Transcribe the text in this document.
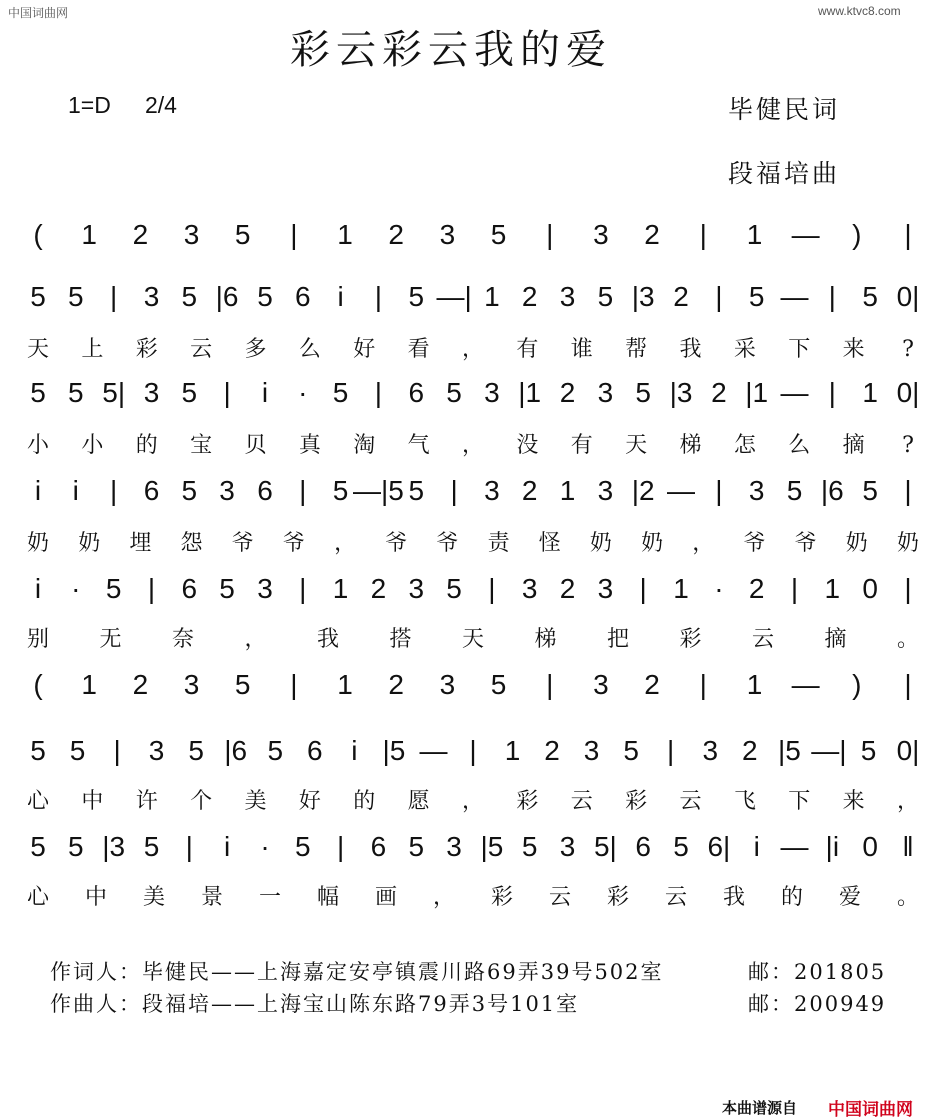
中国词曲网	www.ktvc8.com
彩云彩云我的爱
1=D 2/4	毕健民词
段福培曲
( 1 2 3 5 | 1 2 3 5 | 3 2 | 1 — ) |
5 5 | 3 5 |6 5 6 i | 5 —| 1 2 3 5 |3 2 | 5 — | 5 0|
天 上 彩 云 多 么 好 看 ， 有 谁 帮 我 采 下 来 ?
5 5 5| 3 5 | i · 5 | 6 5 3 |1 2 3 5 |3 2 |1 — | 1 0|
小 小 的 宝 贝 真 淘 气 ， 没 有 天 梯 怎 么 摘 ?
i i | 6 5 3 6 | 5 —|5 5 | 3 2 1 3 |2 — | 3 5 |6 5 |
奶 奶 埋 怨 爷 爷 ， 爷 爷 责 怪 奶 奶 ， 爷 爷 奶 奶
i · 5 | 6 5 3 | 1 2 3 5 | 3 2 3 | 1 · 2 | 1 0 |
别 无 奈 ， 我 搭 天 梯 把 彩 云 摘 。
( 1 2 3 5 | 1 2 3 5 | 3 2 | 1 — ) |
5 5 | 3 5 |6 5 6 i |5 — | 1 2 3 5 | 3 2 |5 —| 5 0|
心 中 许 个 美 好 的 愿 ， 彩 云 彩 云 飞 下 来 ，
5 5 |3 5 | i · 5 | 6 5 3 |5 5 3 5| 6 5 6| i — |i 0 ‖
心 中 美 景 一 幅 画 ， 彩 云 彩 云 我 的 爱 。
作词人：毕健民——上海嘉定安亭镇震川路69弄39号502室	邮：201805
作曲人：段福培——上海宝山陈东路79弄3号101室	邮：200949
本曲谱源自 中国词曲网
